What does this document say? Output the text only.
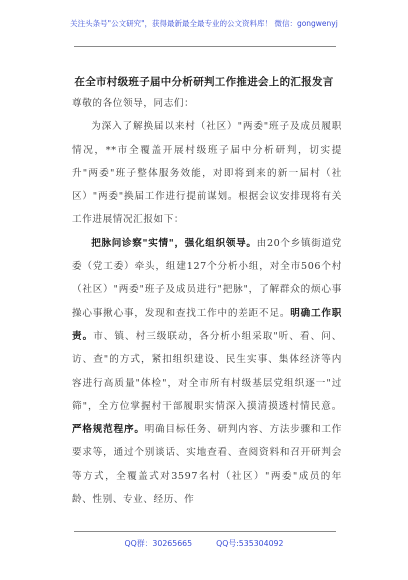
关注头条号"公文研究"，获得最新最全最专业的公文资料库！ 微信：gongwenyj
在全市村级班子届中分析研判工作推进会上的汇报发言

尊敬的各位领导，同志们：

为深入了解换届以来村（社区）"两委"班子及成员履职情况，**市全覆盖开展村级班子届中分析研判，切实提升"两委"班子整体服务效能，对即将到来的新一届村（社区）"两委"换届工作进行提前谋划。根据会议安排现将有关工作进展情况汇报如下：

把脉问诊察"实情"，强化组织领导。由20个乡镇街道党委（党工委）牵头，组建127个分析小组，对全市506个村（社区）"两委"班子及成员进行"把脉"，了解群众的烦心事操心事揪心事，发现和查找工作中的差距不足。明确工作职责。市、镇、村三级联动，各分析小组采取"听、看、问、访、查"的方式，紧扣组织建设、民生实事、集体经济等内容进行高质量"体检"，对全市所有村级基层党组织逐一"过筛"，全方位掌握村干部履职实情深入摸清摸透村情民意。严格规范程序。明确目标任务、研判内容、方法步骤和工作要求等，通过个别谈话、实地查看、查阅资料和召开研判会等方式，全覆盖式对3597名村（社区）"两委"成员的年龄、性别、专业、经历、作

QQ群：30265665	QQ号:535304092
